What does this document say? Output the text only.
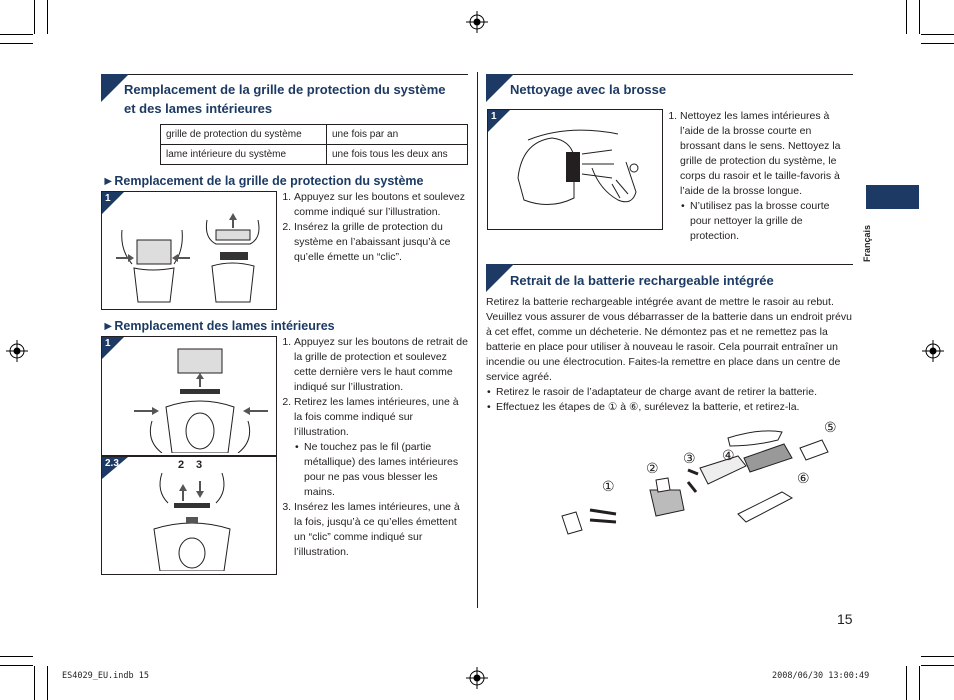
Remplacement de la grille de protection du système
et des lames intérieures
grille de protection du système	une fois par an
lame intérieure du système	une fois tous les deux ans
►Remplacement de la grille de protection du système
1	1. Appuyez sur les boutons et soulevez comme indiqué sur l’illustration.
2. Insérez la grille de protection du système en l’abaissant jusqu’à ce qu’elle émette un “clic”.
►Remplacement des lames intérieures
1
2.3	2 3
1. Appuyez sur les boutons de retrait de la grille de protection et soulevez cette dernière vers le haut comme indiqué sur l’illustration.
2. Retirez les lames intérieures, une à la fois comme indiqué sur l’illustration.
• Ne touchez pas le fil (partie métallique) des lames intérieures pour ne pas vous blesser les mains.
3. Insérez les lames intérieures, une à la fois, jusqu’à ce qu’elles émettent un “clic” comme indiqué sur l’illustration.
Nettoyage avec la brosse
1	1. Nettoyez les lames intérieures à l’aide de la brosse courte en brossant dans le sens. Nettoyez la grille de protection du système, le corps du rasoir et le taille-favoris à l’aide de la brosse longue.
• N’utilisez pas la brosse courte pour nettoyer la grille de protection.
Retrait de la batterie rechargeable intégrée
Retirez la batterie rechargeable intégrée avant de mettre le rasoir au rebut. Veuillez vous assurer de vous débarrasser de la batterie dans un endroit prévu à cet effet, comme un décheterie. Ne démontez pas et ne remettez pas la batterie en place pour utiliser à nouveau le rasoir. Cela pourrait entraîner un incendie ou une électrocution. Faites-la remettre en place dans un centre de service agréé.
• Retirez le rasoir de l’adaptateur de charge avant de retirer la batterie.
• Effectuez les étapes de ① à ⑥, surélevez la batterie, et retirez-la.
①
②
③ ④
⑤
⑥
Français
15
ES4029_EU.indb 15	2008/06/30 13:00:49
